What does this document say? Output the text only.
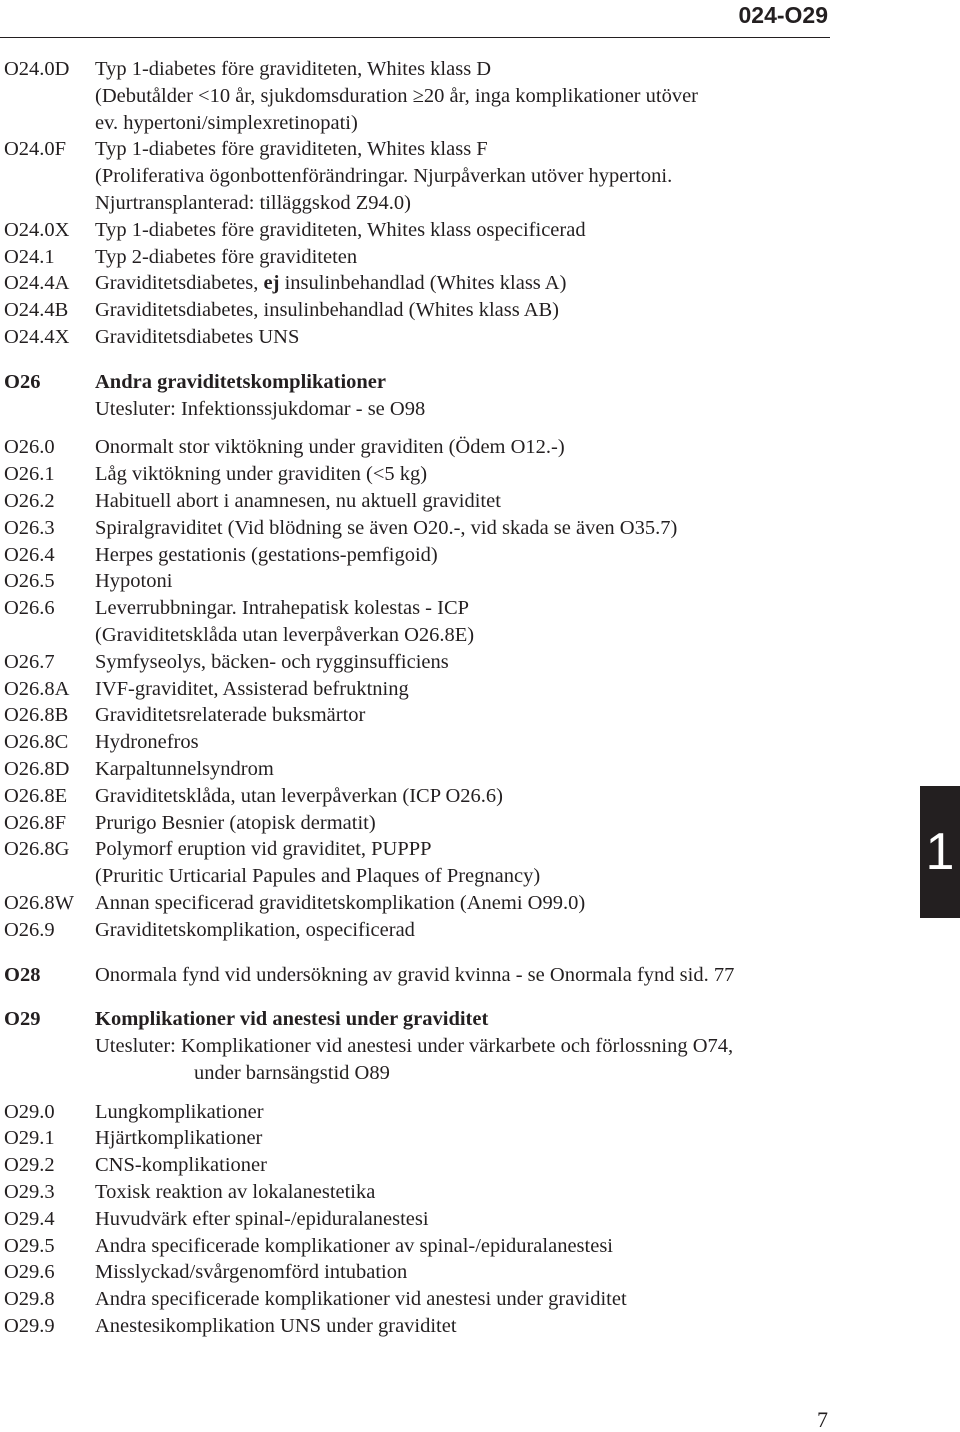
024-O29
O24.0D	Typ 1-diabetes före graviditeten, Whites klass D
(Debutålder <10 år, sjukdomsduration ≥20 år, inga komplikationer utöver
ev. hypertoni/simplexretinopati)
O24.0F	Typ 1-diabetes före graviditeten, Whites klass F
(Proliferativa ögonbottenförändringar. Njurpåverkan utöver hypertoni.
Njurtransplanterad: tilläggskod Z94.0)
O24.0X	Typ 1-diabetes före graviditeten, Whites klass ospecificerad
O24.1	Typ 2-diabetes före graviditeten
O24.4A	Graviditetsdiabetes, ej insulinbehandlad (Whites klass A)
O24.4B	Graviditetsdiabetes, insulinbehandlad (Whites klass AB)
O24.4X	Graviditetsdiabetes UNS
O26	Andra graviditetskomplikationer
Utesluter: Infektionssjukdomar - se O98
O26.0	Onormalt stor viktökning under graviditen (Ödem O12.-)
O26.1	Låg viktökning under graviditen (<5 kg)
O26.2	Habituell abort i anamnesen, nu aktuell graviditet
O26.3	Spiralgraviditet (Vid blödning se även O20.-, vid skada se även O35.7)
O26.4	Herpes gestationis (gestations-pemfigoid)
O26.5	Hypotoni
O26.6	Leverrubbningar. Intrahepatisk kolestas - ICP
(Graviditetsklåda utan leverpåverkan O26.8E)
O26.7	Symfyseolys, bäcken- och rygginsufficiens
O26.8A	IVF-graviditet, Assisterad befruktning
O26.8B	Graviditetsrelaterade buksmärtor
O26.8C	Hydronefros
O26.8D	Karpaltunnelsyndrom
O26.8E	Graviditetsklåda, utan leverpåverkan (ICP O26.6)
O26.8F	Prurigo Besnier (atopisk dermatit)
O26.8G	Polymorf eruption vid graviditet, PUPPP
(Pruritic Urticarial Papules and Plaques of Pregnancy)
O26.8W	Annan specificerad graviditetskomplikation (Anemi O99.0)
O26.9	Graviditetskomplikation, ospecificerad
O28	Onormala fynd vid undersökning av gravid kvinna - se Onormala fynd sid. 77
O29	Komplikationer vid anestesi under graviditet
Utesluter: Komplikationer vid anestesi under värkarbete och förlossning O74,
under barnsängstid O89
O29.0	Lungkomplikationer
O29.1	Hjärtkomplikationer
O29.2	CNS-komplikationer
O29.3	Toxisk reaktion av lokalanestetika
O29.4	Huvudvärk efter spinal-/epiduralanestesi
O29.5	Andra specificerade komplikationer av spinal-/epiduralanestesi
O29.6	Misslyckad/svårgenomförd intubation
O29.8	Andra specificerade komplikationer vid anestesi under graviditet
O29.9	Anestesikomplikation UNS under graviditet
1
7
